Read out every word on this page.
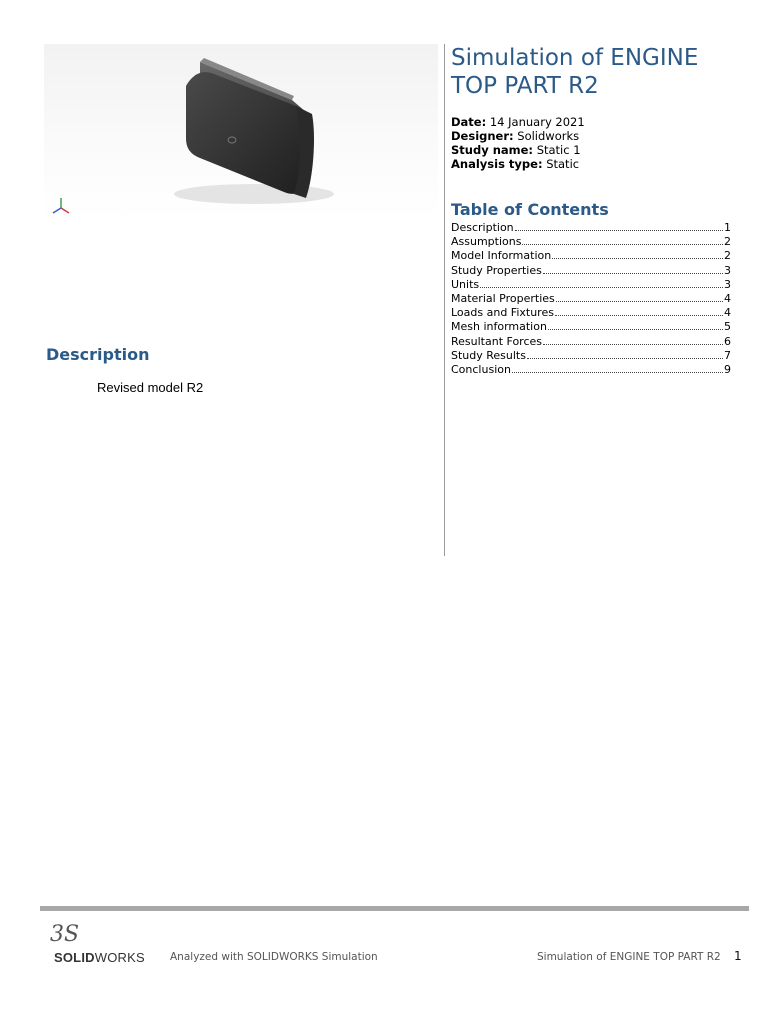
Simulation of ENGINE TOP PART R2
Date: 14 January 2021
Designer: Solidworks
Study name: Static 1
Analysis type: Static
Table of Contents
Description	1
Assumptions	2
Model Information	2
Study Properties	3
Units	3
Material Properties	4
Loads and Fixtures	4
Mesh information	5
Resultant Forces	6
Study Results	7
Conclusion	9
Description
Revised model R2
3S
SOLIDWORKS Analyzed with SOLIDWORKS Simulation	Simulation of ENGINE TOP PART R2 1
